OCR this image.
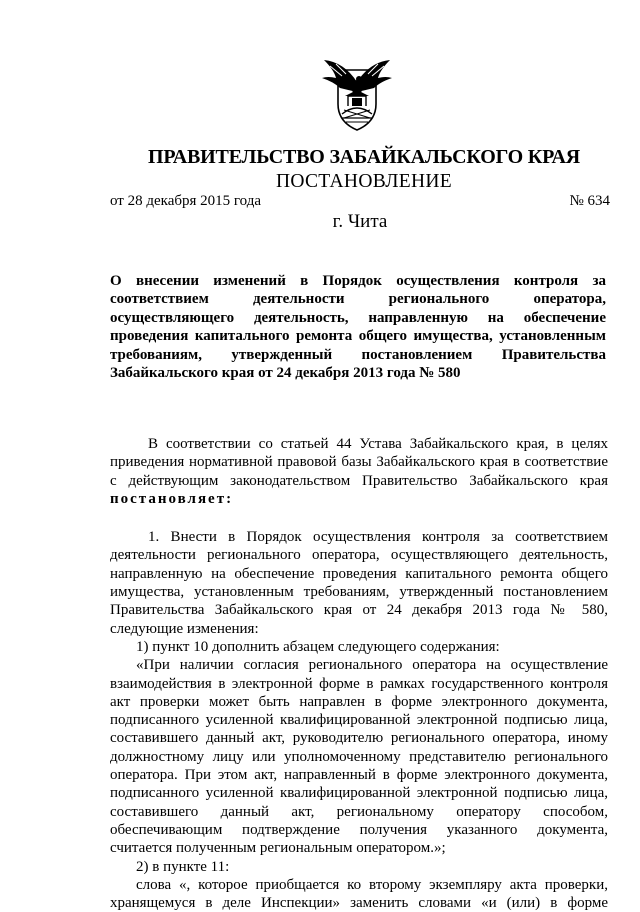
ПРАВИТЕЛЬСТВО ЗАБАЙКАЛЬСКОГО КРАЯ
ПОСТАНОВЛЕНИЕ
от 28 декабря 2015 года	№ 634
г. Чита
О внесении изменений в Порядок осуществления контроля за
соответствием деятельности регионального оператора,
осуществляющего деятельность, направленную на обеспечение
проведения капитального ремонта общего имущества, установленным
требованиям, утвержденный постановлением Правительства
Забайкальского края от 24 декабря 2013 года № 580
В соответствии со статьей 44 Устава Забайкальского края, в целях
приведения нормативной правовой базы Забайкальского края в соответствие
с действующим законодательством Правительство Забайкальского края
постановляет:
1. Внести в Порядок осуществления контроля за соответствием
деятельности регионального оператора, осуществляющего деятельность,
направленную на обеспечение проведения капитального ремонта общего
имущества, установленным требованиям, утвержденный постановлением
Правительства Забайкальского края от 24 декабря 2013 года № 580,
следующие изменения:
1) пункт 10 дополнить абзацем следующего содержания:
«При наличии согласия регионального оператора на осуществление
взаимодействия в электронной форме в рамках государственного контроля
акт проверки может быть направлен в форме электронного документа,
подписанного усиленной квалифицированной электронной подписью лица,
составившего данный акт, руководителю регионального оператора, иному
должностному лицу или уполномоченному представителю регионального
оператора. При этом акт, направленный в форме электронного документа,
подписанного усиленной квалифицированной электронной подписью лица,
составившего данный акт, региональному оператору способом,
обеспечивающим подтверждение получения указанного документа,
считается полученным региональным оператором.»;
2) в пункте 11:
слова «, которое приобщается ко второму экземпляру акта проверки,
хранящемуся в деле Инспекции» заменить словами «и (или) в форме
